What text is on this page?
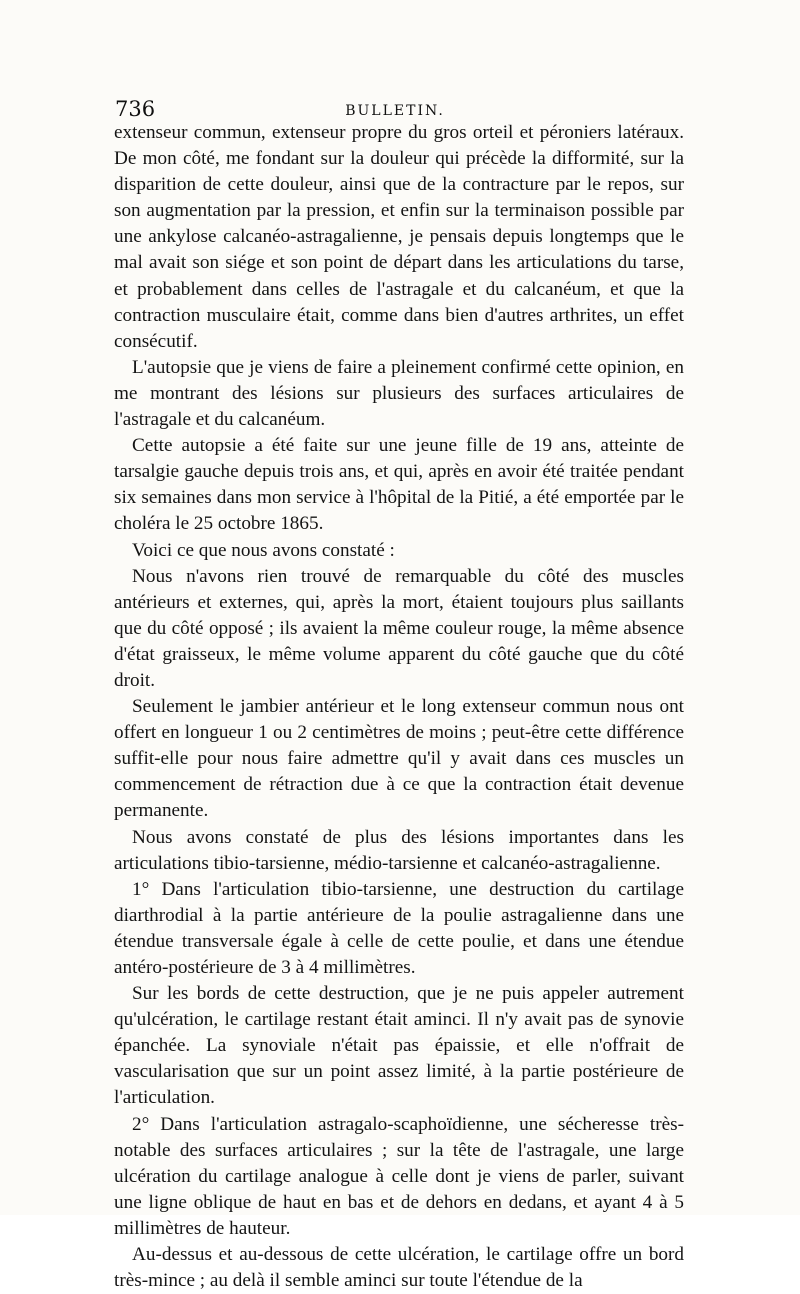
736	BULLETIN.

extenseur commun, extenseur propre du gros orteil et péroniers latéraux. De mon côté, me fondant sur la douleur qui précède la difformité, sur la disparition de cette douleur, ainsi que de la contracture par le repos, sur son augmentation par la pression, et enfin sur la terminaison possible par une ankylose calcanéo-astragalienne, je pensais depuis longtemps que le mal avait son siége et son point de départ dans les articulations du tarse, et probablement dans celles de l'astragale et du calcanéum, et que la contraction musculaire était, comme dans bien d'autres arthrites, un effet consécutif.

L'autopsie que je viens de faire a pleinement confirmé cette opinion, en me montrant des lésions sur plusieurs des surfaces articulaires de l'astragale et du calcanéum.

Cette autopsie a été faite sur une jeune fille de 19 ans, atteinte de tarsalgie gauche depuis trois ans, et qui, après en avoir été traitée pendant six semaines dans mon service à l'hôpital de la Pitié, a été emportée par le choléra le 25 octobre 1865.

Voici ce que nous avons constaté :

Nous n'avons rien trouvé de remarquable du côté des muscles antérieurs et externes, qui, après la mort, étaient toujours plus saillants que du côté opposé ; ils avaient la même couleur rouge, la même absence d'état graisseux, le même volume apparent du côté gauche que du côté droit.

Seulement le jambier antérieur et le long extenseur commun nous ont offert en longueur 1 ou 2 centimètres de moins ; peut-être cette différence suffit-elle pour nous faire admettre qu'il y avait dans ces muscles un commencement de rétraction due à ce que la contraction était devenue permanente.

Nous avons constaté de plus des lésions importantes dans les articulations tibio-tarsienne, médio-tarsienne et calcanéo-astragalienne.

1° Dans l'articulation tibio-tarsienne, une destruction du cartilage diarthrodial à la partie antérieure de la poulie astragalienne dans une étendue transversale égale à celle de cette poulie, et dans une étendue antéro-postérieure de 3 à 4 millimètres.

Sur les bords de cette destruction, que je ne puis appeler autrement qu'ulcération, le cartilage restant était aminci. Il n'y avait pas de synovie épanchée. La synoviale n'était pas épaissie, et elle n'offrait de vascularisation que sur un point assez limité, à la partie postérieure de l'articulation.

2° Dans l'articulation astragalo-scaphoïdienne, une sécheresse très-notable des surfaces articulaires ; sur la tête de l'astragale, une large ulcération du cartilage analogue à celle dont je viens de parler, suivant une ligne oblique de haut en bas et de dehors en dedans, et ayant 4 à 5 millimètres de hauteur.

Au-dessus et au-dessous de cette ulcération, le cartilage offre un bord très-mince ; au delà il semble aminci sur toute l'étendue de la
